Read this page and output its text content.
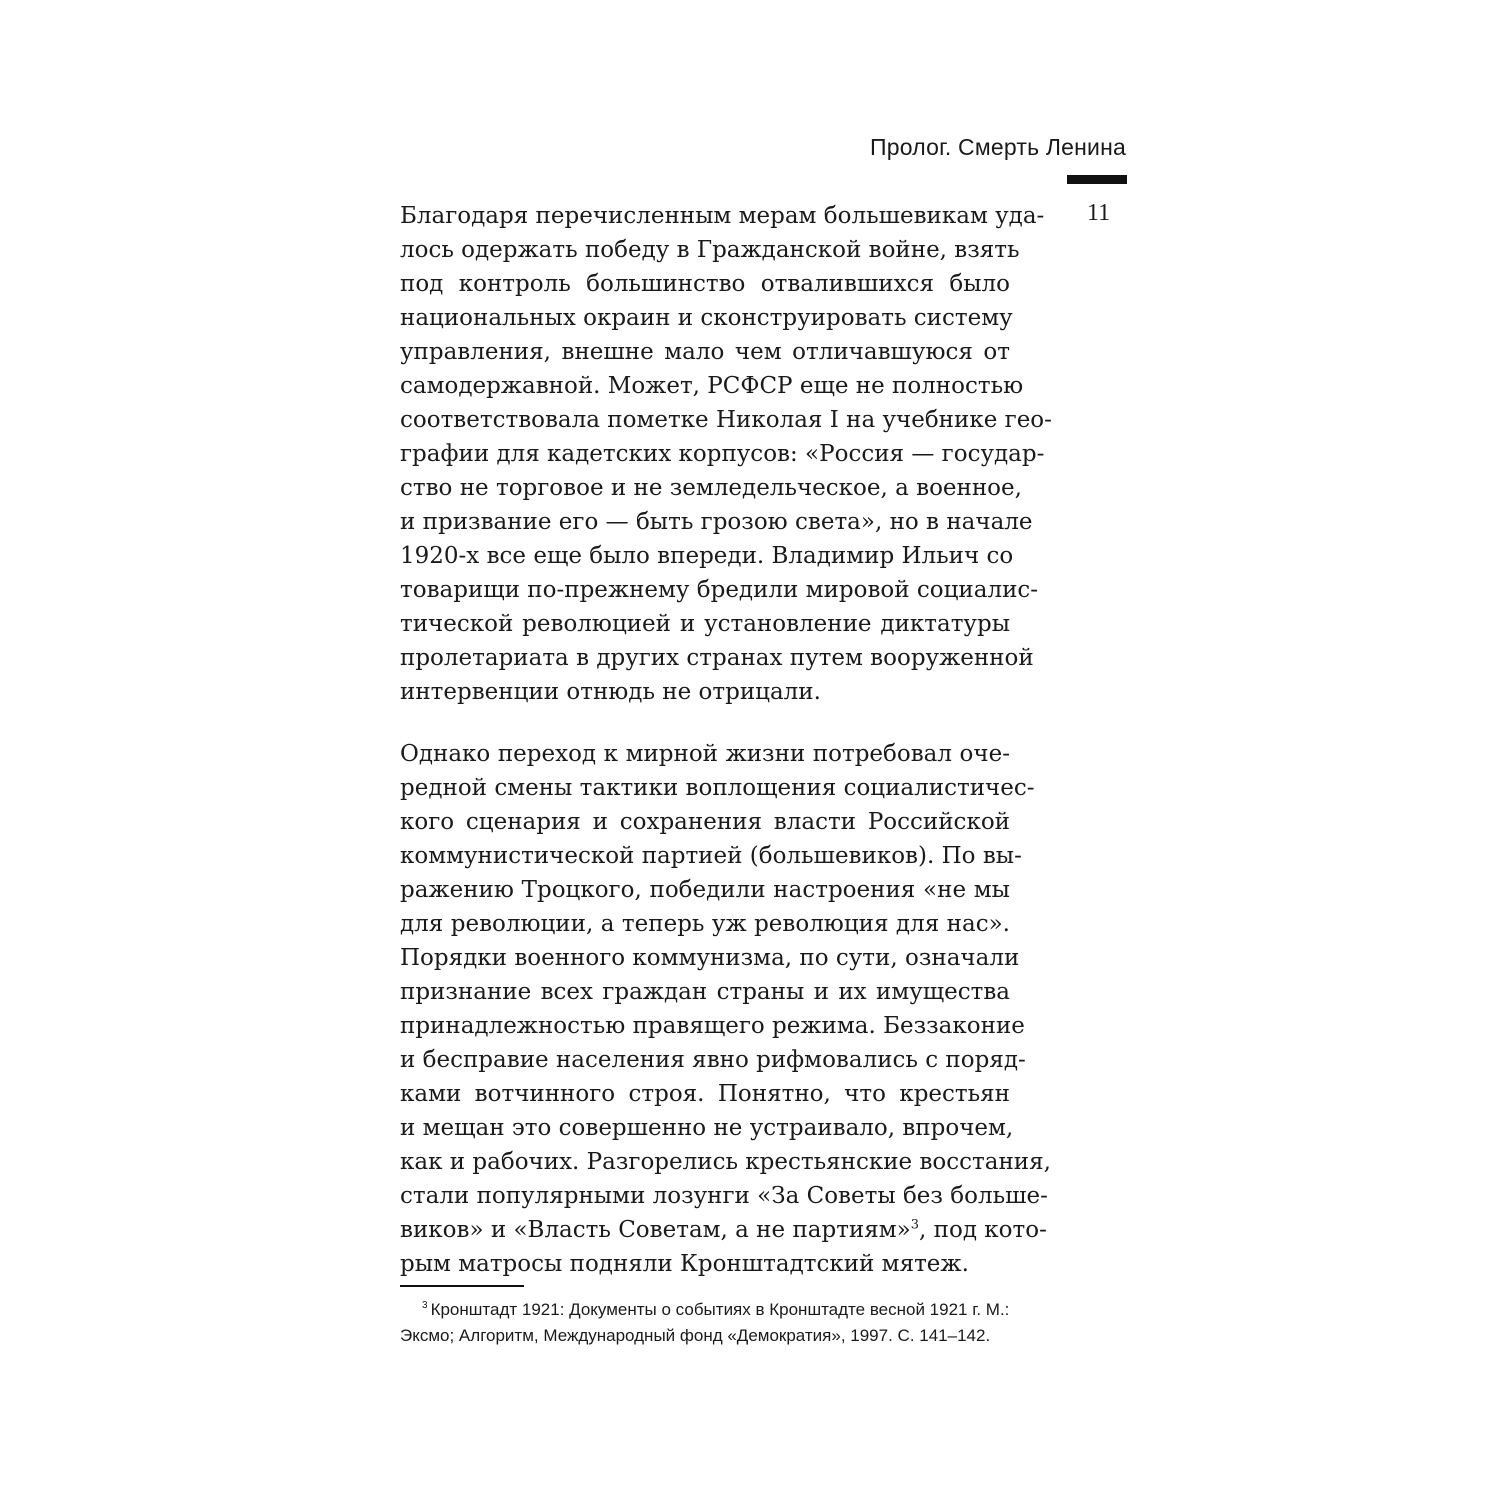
Пролог. Смерть Ленина
11
Благодаря перечисленным мерам большевикам уда-
лось одержать победу в Гражданской войне, взять
под контроль большинство отвалившихся было
национальных окраин и сконструировать систему
управления, внешне мало чем отличавшуюся от
самодержавной. Может, РСФСР еще не полностью
соответствовала пометке Николая I на учебнике гео-
графии для кадетских корпусов: «Россия — государ-
ство не торговое и не земледельческое, а военное,
и призвание его — быть грозою света», но в начале
1920-х все еще было впереди. Владимир Ильич со
товарищи по-прежнему бредили мировой социалис-
тической революцией и установление диктатуры
пролетариата в других странах путем вооруженной
интервенции отнюдь не отрицали.
Однако переход к мирной жизни потребовал оче-
редной смены тактики воплощения социалистичес-
кого сценария и сохранения власти Российской
коммунистической партией (большевиков). По вы-
ражению Троцкого, победили настроения «не мы
для революции, а теперь уж революция для нас».
Порядки военного коммунизма, по сути, означали
признание всех граждан страны и их имущества
принадлежностью правящего режима. Беззаконие
и бесправие населения явно рифмовались с поряд-
ками вотчинного строя. Понятно, что крестьян
и мещан это совершенно не устраивало, впрочем,
как и рабочих. Разгорелись крестьянские восстания,
стали популярными лозунги «За Советы без больше-
виков» и «Власть Советам, а не партиям»$^3$, под кото-
рым матросы подняли Кронштадтский мятеж.
$^3$ Кронштадт 1921: Документы о событиях в Кронштадте весной 1921 г. М.:
Эксмо; Алгоритм, Международный фонд «Демократия», 1997. С. 141–142.
